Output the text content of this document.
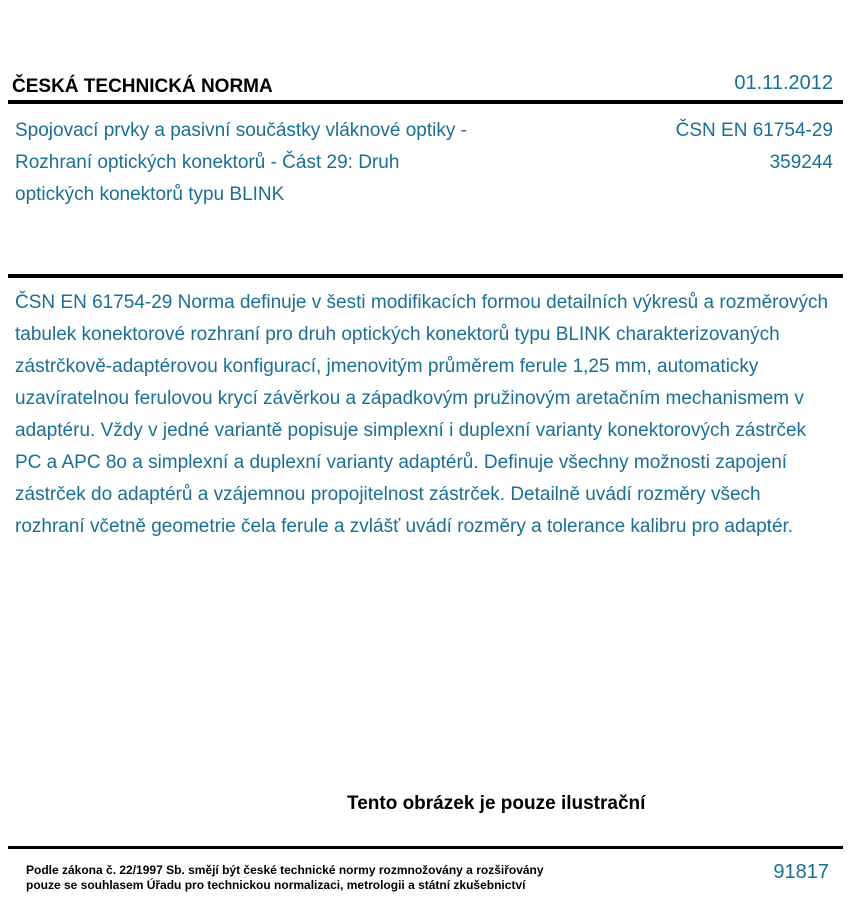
ČESKÁ TECHNICKÁ NORMA	01.11.2012
Spojovací prvky a pasivní součástky vláknové optiky - Rozhraní optických konektorů - Část 29: Druh optických konektorů typu BLINK
ČSN EN 61754-29
359244
ČSN EN 61754-29 Norma definuje v šesti modifikacích formou detailních výkresů a rozměrových tabulek konektorové rozhraní pro druh optických konektorů typu BLINK charakterizovaných zástrčkově-adaptérovou konfigurací, jmenovitým průměrem ferule 1,25 mm, automaticky uzavíratelnou ferulovou krycí závěrkou a západkovým pružinovým aretačním mechanismem v adaptéru. Vždy v jedné variantě popisuje simplexní i duplexní varianty konektorových zástrček PC a APC 8o a simplexní a duplexní varianty adaptérů. Definuje všechny možnosti zapojení zástrček do adaptérů a vzájemnou propojitelnost zástrček. Detailně uvádí rozměry všech rozhraní včetně geometrie čela ferule a zvlášť uvádí rozměry a tolerance kalibru pro adaptér.
Tento obrázek je pouze ilustrační
Podle zákona č. 22/1997 Sb. smějí být české technické normy rozmnožovány a rozšiřovány
pouze se souhlasem Úřadu pro technickou normalizaci, metrologii a státní zkušebnictví
91817
